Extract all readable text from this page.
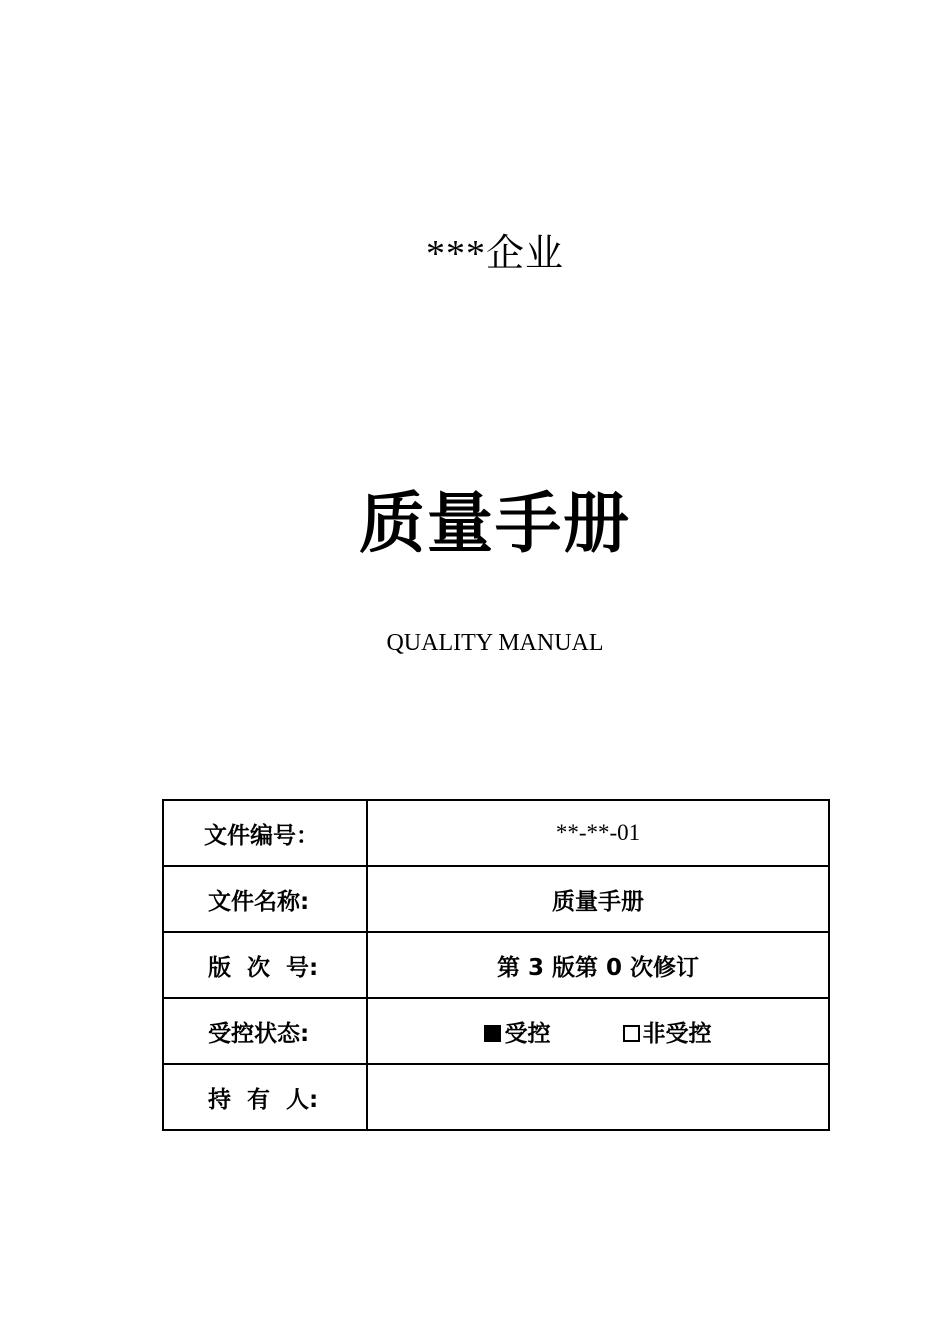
***企业
质量手册
QUALITY MANUAL
文件编号：	**-**-01
文件名称:	质量手册
版  次  号:	第 3 版第 0 次修订
受控状态:	受控 非受控
持  有  人:	
